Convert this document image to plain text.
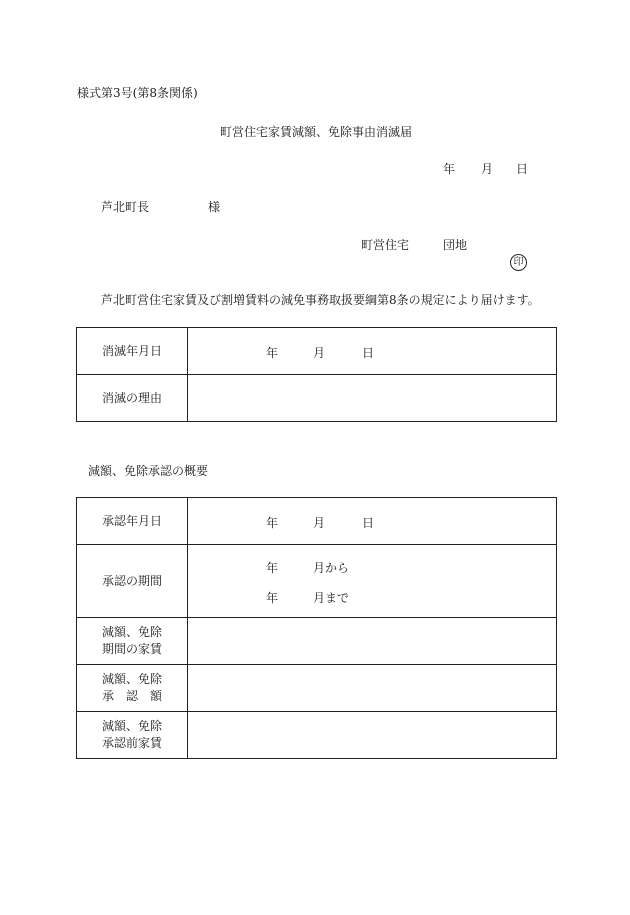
様式第3号(第8条関係)
町営住宅家賃減額、免除事由消滅届
年 月 日
芦北町長	様
町営住宅	団地
印
芦北町営住宅家賃及び割増賃料の減免事務取扱要綱第8条の規定により届けます。
消滅年月日	年 月 日

消滅の理由	
減額、免除承認の概要
承認年月日	年 月 日

承認の期間	年 月から
年 月まで

減額、免除
期間の家賃	

減額、免除
承　認　額	

減額、免除
承認前家賃	
